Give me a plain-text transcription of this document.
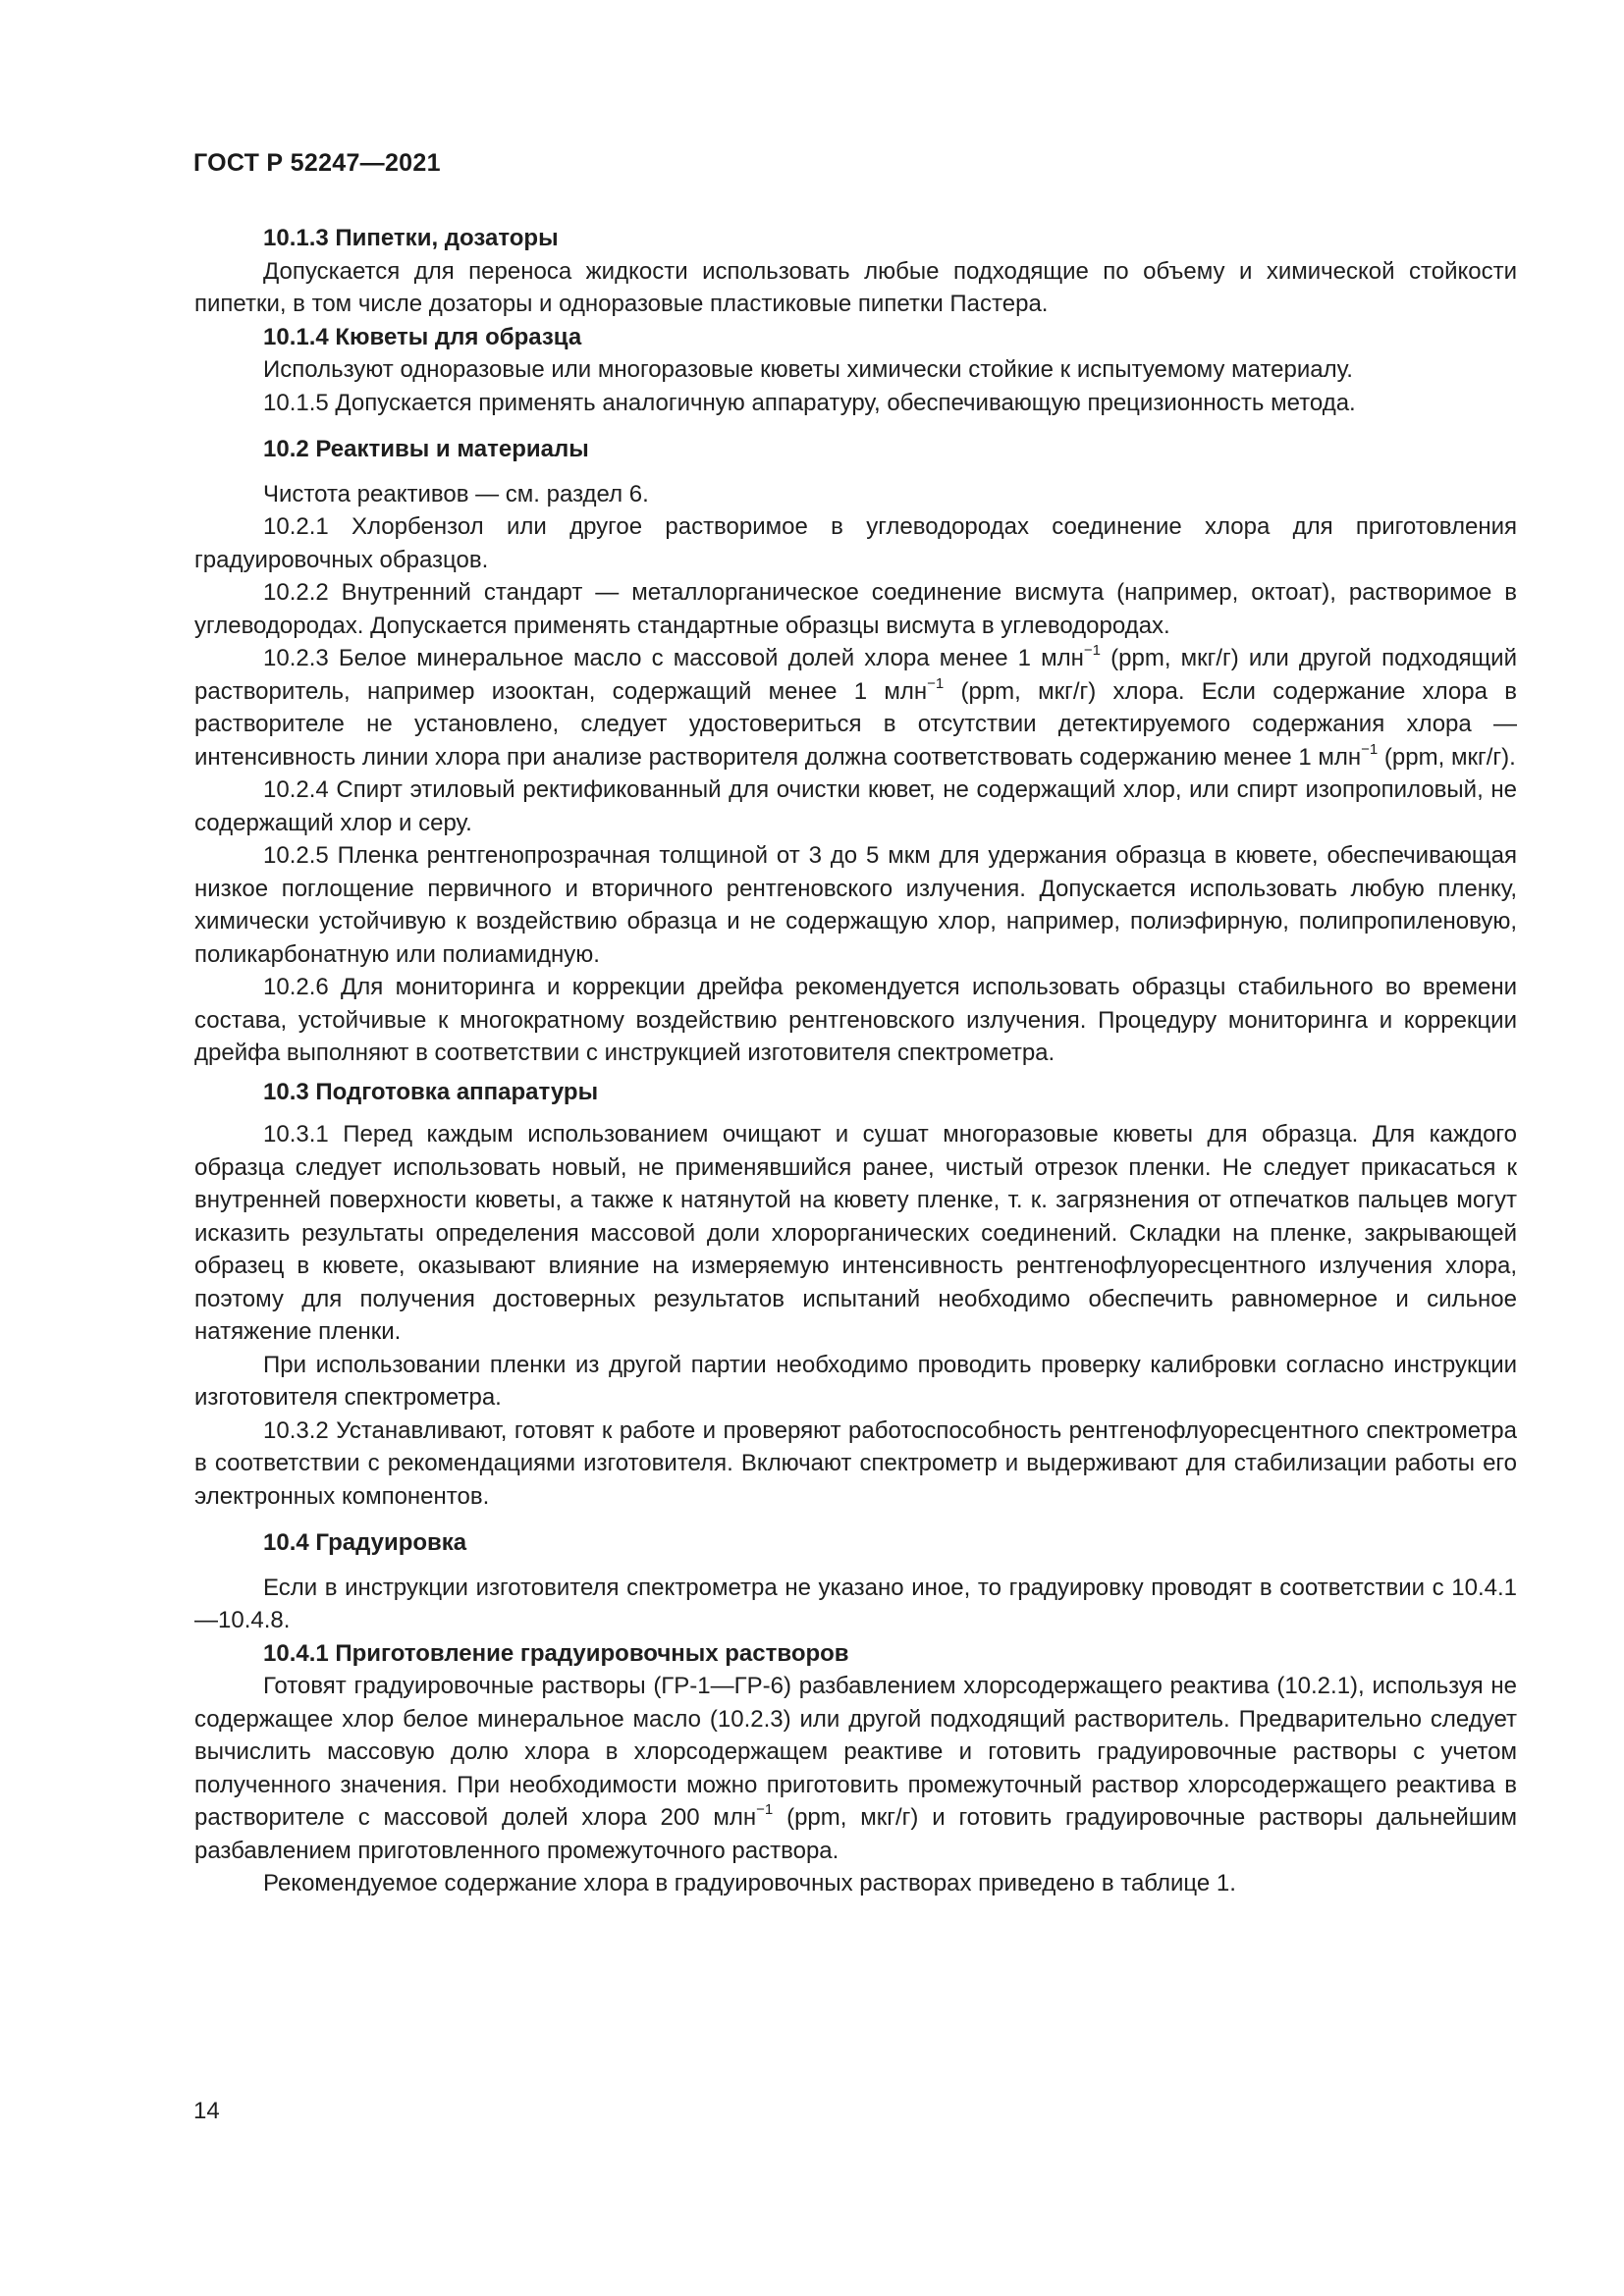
ГОСТ Р 52247—2021

10.1.3 Пипетки, дозаторы

Допускается для переноса жидкости использовать любые подходящие по объему и химической стойкости пипетки, в том числе дозаторы и одноразовые пластиковые пипетки Пастера.

10.1.4 Кюветы для образца

Используют одноразовые или многоразовые кюветы химически стойкие к испытуемому материалу.

10.1.5 Допускается применять аналогичную аппаратуру, обеспечивающую прецизионность метода.

10.2 Реактивы и материалы

Чистота реактивов — см. раздел 6.

10.2.1 Хлорбензол или другое растворимое в углеводородах соединение хлора для приготовления градуировочных образцов.

10.2.2 Внутренний стандарт — металлорганическое соединение висмута (например, октоат), растворимое в углеводородах. Допускается применять стандартные образцы висмута в углеводородах.

10.2.3 Белое минеральное масло с массовой долей хлора менее 1 млн$^{-1}$ (ppm, мкг/г) или другой подходящий растворитель, например изооктан, содержащий менее 1 млн$^{-1}$ (ppm, мкг/г) хлора. Если содержание хлора в растворителе не установлено, следует удостовериться в отсутствии детектируемого содержания хлора — интенсивность линии хлора при анализе растворителя должна соответствовать содержанию менее 1 млн$^{-1}$ (ppm, мкг/г).

10.2.4 Спирт этиловый ректификованный для очистки кювет, не содержащий хлор, или спирт изопропиловый, не содержащий хлор и серу.

10.2.5 Пленка рентгенопрозрачная толщиной от 3 до 5 мкм для удержания образца в кювете, обеспечивающая низкое поглощение первичного и вторичного рентгеновского излучения. Допускается использовать любую пленку, химически устойчивую к воздействию образца и не содержащую хлор, например, полиэфирную, полипропиленовую, поликарбонатную или полиамидную.

10.2.6 Для мониторинга и коррекции дрейфа рекомендуется использовать образцы стабильного во времени состава, устойчивые к многократному воздействию рентгеновского излучения. Процедуру мониторинга и коррекции дрейфа выполняют в соответствии с инструкцией изготовителя спектрометра.

10.3 Подготовка аппаратуры

10.3.1 Перед каждым использованием очищают и сушат многоразовые кюветы для образца. Для каждого образца следует использовать новый, не применявшийся ранее, чистый отрезок пленки. Не следует прикасаться к внутренней поверхности кюветы, а также к натянутой на кювету пленке, т. к. загрязнения от отпечатков пальцев могут исказить результаты определения массовой доли хлорорганических соединений. Складки на пленке, закрывающей образец в кювете, оказывают влияние на измеряемую интенсивность рентгенофлуоресцентного излучения хлора, поэтому для получения достоверных результатов испытаний необходимо обеспечить равномерное и сильное натяжение пленки.

При использовании пленки из другой партии необходимо проводить проверку калибровки согласно инструкции изготовителя спектрометра.

10.3.2 Устанавливают, готовят к работе и проверяют работоспособность рентгенофлуоресцентного спектрометра в соответствии с рекомендациями изготовителя. Включают спектрометр и выдерживают для стабилизации работы его электронных компонентов.

10.4 Градуировка

Если в инструкции изготовителя спектрометра не указано иное, то градуировку проводят в соответствии с 10.4.1—10.4.8.

10.4.1 Приготовление градуировочных растворов

Готовят градуировочные растворы (ГР-1—ГР-6) разбавлением хлорсодержащего реактива (10.2.1), используя не содержащее хлор белое минеральное масло (10.2.3) или другой подходящий растворитель. Предварительно следует вычислить массовую долю хлора в хлорсодержащем реактиве и готовить градуировочные растворы с учетом полученного значения. При необходимости можно приготовить промежуточный раствор хлорсодержащего реактива в растворителе с массовой долей хлора 200 млн$^{-1}$ (ppm, мкг/г) и готовить градуировочные растворы дальнейшим разбавлением приготовленного промежуточного раствора.

Рекомендуемое содержание хлора в градуировочных растворах приведено в таблице 1.

14
